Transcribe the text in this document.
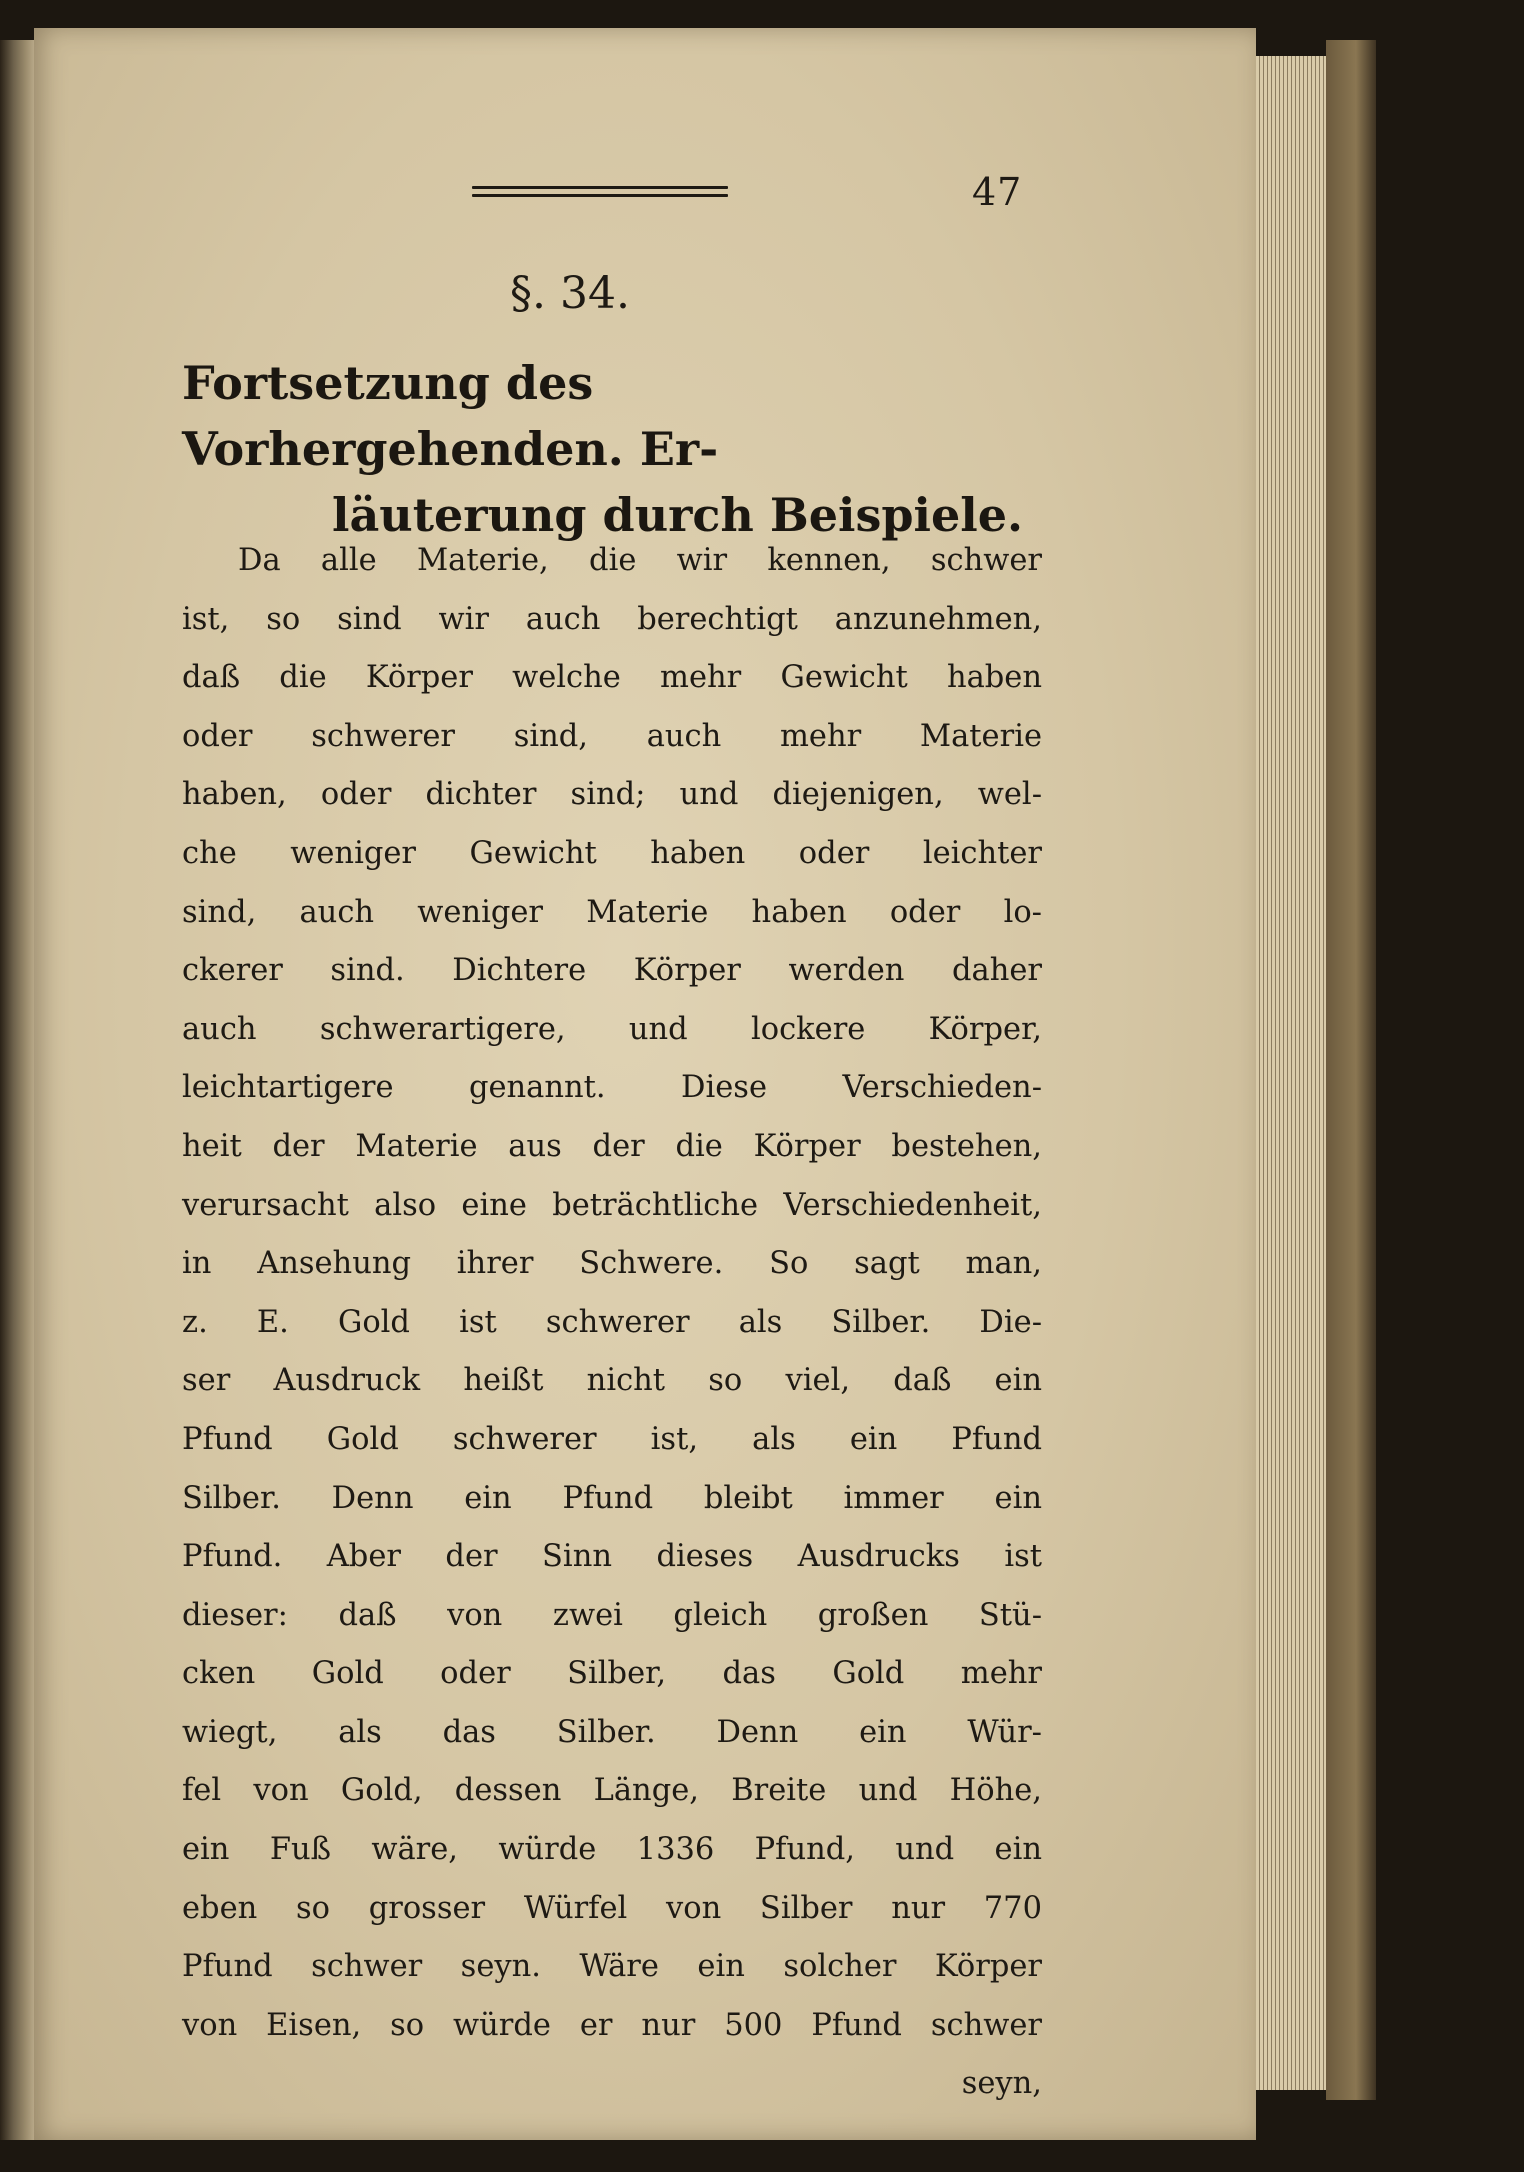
47
§. 34.
Fortsetzung des Vorhergehenden. Er-
läuterung durch Beispiele.
Da alle Materie, die wir kennen, schwer
ist, so sind wir auch berechtigt anzunehmen,
daß die Körper welche mehr Gewicht haben
oder schwerer sind, auch mehr Materie
haben, oder dichter sind; und diejenigen, wel-
che weniger Gewicht haben oder leichter
sind, auch weniger Materie haben oder lo-
ckerer sind. Dichtere Körper werden daher
auch schwerartigere, und lockere Körper,
leichtartigere genannt. Diese Verschieden-
heit der Materie aus der die Körper bestehen,
verursacht also eine beträchtliche Verschiedenheit,
in Ansehung ihrer Schwere. So sagt man,
z. E. Gold ist schwerer als Silber. Die-
ser Ausdruck heißt nicht so viel, daß ein
Pfund Gold schwerer ist, als ein Pfund
Silber. Denn ein Pfund bleibt immer ein
Pfund. Aber der Sinn dieses Ausdrucks ist
dieser: daß von zwei gleich großen Stü-
cken Gold oder Silber, das Gold mehr
wiegt, als das Silber. Denn ein Wür-
fel von Gold, dessen Länge, Breite und Höhe,
ein Fuß wäre, würde 1336 Pfund, und ein
eben so grosser Würfel von Silber nur 770
Pfund schwer seyn. Wäre ein solcher Körper
von Eisen, so würde er nur 500 Pfund schwer
seyn,
